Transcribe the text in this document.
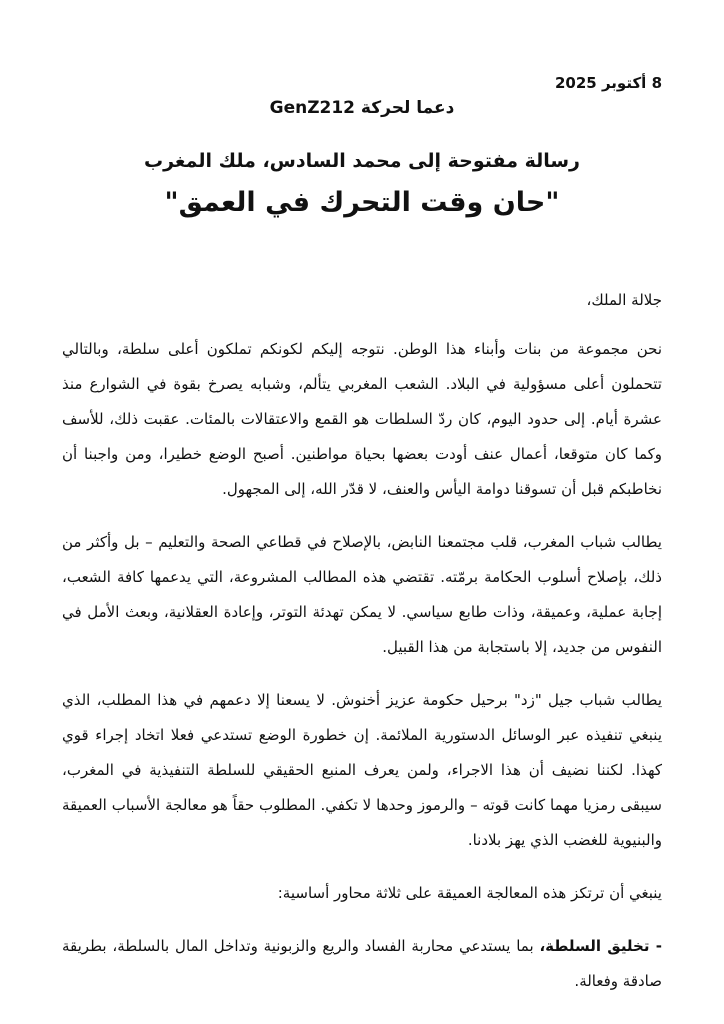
8 أكتوبر 2025
دعما لحركة GenZ212
رسالة مفتوحة إلى محمد السادس، ملك المغرب
"حان وقت التحرك في العمق"

جلالة الملك،

نحن مجموعة من بنات وأبناء هذا الوطن. نتوجه إليكم لكونكم تملكون أعلى سلطة، وبالتالي تتحملون أعلى مسؤولية في البلاد. الشعب المغربي يتألم، وشبابه يصرخ بقوة في الشوارع منذ عشرة أيام. إلى حدود اليوم، كان ردّ السلطات هو القمع والاعتقالات بالمئات. عقبت ذلك، للأسف وكما كان متوقعا، أعمال عنف أودت بعضها بحياة مواطنين. أصبح الوضع خطيرا، ومن واجبنا أن نخاطبكم قبل أن تسوقنا دوامة اليأس والعنف، لا قدّر الله، إلى المجهول.

يطالب شباب المغرب، قلب مجتمعنا النابض، بالإصلاح في قطاعي الصحة والتعليم – بل وأكثر من ذلك، بإصلاح أسلوب الحكامة برمّته. تقتضي هذه المطالب المشروعة، التي يدعمها كافة الشعب، إجابة عملية، وعميقة، وذات طابع سياسي. لا يمكن تهدئة التوتر، وإعادة العقلانية، وبعث الأمل في النفوس من جديد، إلا باستجابة من هذا القبيل.

يطالب شباب جيل "زد" برحيل حكومة عزيز أخنوش. لا يسعنا إلا دعمهم في هذا المطلب، الذي ينبغي تنفيذه عبر الوسائل الدستورية الملائمة. إن خطورة الوضع تستدعي فعلا اتخاد إجراء قوي كهذا. لكننا نضيف أن هذا الاجراء، ولمن يعرف المنبع الحقيقي للسلطة التنفيذية في المغرب، سيبقى رمزيا مهما كانت قوته – والرموز وحدها لا تكفي. المطلوب حقاً هو معالجة الأسباب العميقة والبنيوية للغضب الذي يهز بلادنا.

ينبغي أن ترتكز هذه المعالجة العميقة على ثلاثة محاور أساسية:

- تخليق السلطة، بما يستدعي محاربة الفساد والريع والزبونية وتداخل المال بالسلطة، بطريقة صادقة وفعالة.
